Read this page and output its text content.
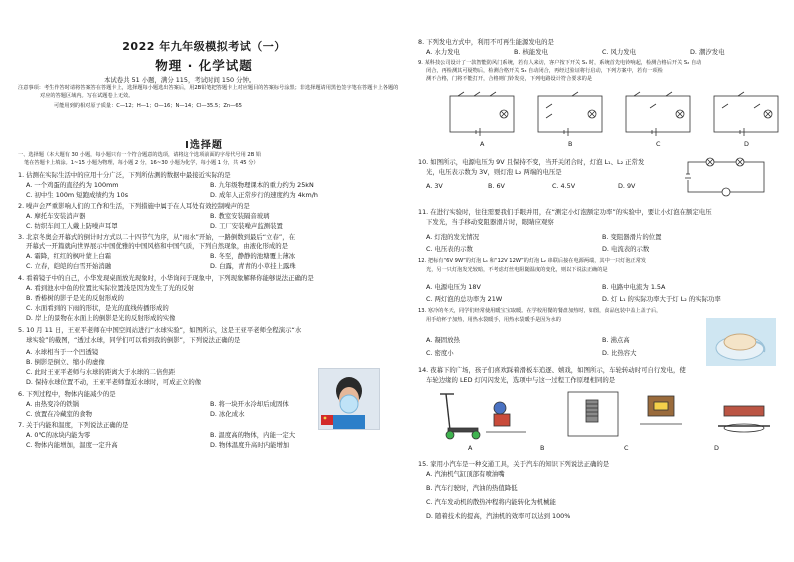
2022 年九年级模拟考试（一）
物理 · 化学试题
本试卷共 51 小题，满分 115，考试时间 150 分钟。
注意事项：考生作答时请将答案答在答题卡上，选择题每小题选出答案后，用2B铅笔把答题卡上对应题目的答案标号涂黑；非选择题请用黑色签字笔在答题卡上各题的
对应的答题区域内。写在试题卷上无效。
可能用到的相对原子质量：C—12；H—1；O—16；N—14；Cl—35.5；Zn—65
Ⅰ选择题
一、选择题（本大题有 30 小题，每小题只有一个符合题意的选项，请将这个选项前面的字母代号用 2B 铅
笔在答题卡上填涂。1~15 小题为物理，每小题 2 分，16~30 小题为化学，每小题 1 分，共 45 分）
1. 估测在实际生活中的应用十分广泛，下列所估测的数据中最接近实际的是
A. 一个鸡蛋的直径约为 100mm	B. 九年级物理课本的重力约为 25kN
C. 初中生 100m 短跑成绩约为 10s	D. 成年人正常步行的速度约为 4km/h
2. 噪声会严重影响人们的工作和生活，下列措施中属于在人耳处有效控制噪声的是
A. 摩托车安装消声器	B. 教室安装隔音玻璃
C. 纺织车间工人戴上防噪声耳罩	D. 工厂安装噪声监测装置
3. 北京冬奥会开幕式的倒计时方式以二十四节气为序，从“雨水”开始，一路倒数到最后“立春”，在
开幕式一开篇就向世界展示中国优雅的中国风格和中国气质，下列自然现象，由液化形成的是
A. 霜降，红红的枫叶蒙上白霜	B. 冬至，静静的池塘覆上薄冰
C. 立春，皑皑的白雪开始消融	D. 白露，青青的小草挂上露珠
4. 看着镜子中的自己，小华发现桌面放光现象时，小华询问于现象中，下列现象解释你能够说法正确的是
A. 看到池水中鱼的位置比实际位置浅是因为发生了光的反射
B. 香椿树的影子是光的反射形成的
C. 水面看到的下雨的形状，是光的直线传播形成的
D. 岸上的景物在水面上的倒影是光的反射形成的实像
5. 10 月 11 日，王亚平老师在中国空间站进行“水球实验”，如图所示，这是王亚平老师全程演示“水
球实验”的截图，“透过水球，同学们可以看到我的倒影”，下列说法正确的是
A. 水球相当于一个凹透镜
B. 倒影是倒立、缩小的虚像
C. 此时王亚平老师与水球的距离大于水球的二倍焦距
D. 保持水球位置不动，王亚平老师靠近水球时，可成正立的像
6. 下列过程中，物体内能减少的是
A. 由热变冷的铁锅	B. 将一块开水冷却后成固体
C. 放置在冷藏室的食物	D. 冰化成水
7. 关于内能和温度，下列说法正确的是
A. 0℃的冰块内能为零	B. 温度高的物体，内能一定大
C. 物体内能增加，温度一定升高	D. 物体温度升高时内能增加
8. 下列发电方式中，利用不可再生能源发电的是
A. 水力发电	B. 核能发电	C. 风力发电	D. 潮汐发电
9. 某科技公司设计了一款智能防风门系统，若有人来访，客户按下开关 S₁ 时，系统首先电铃响起，检测合格后开关 S₂ 自动
闭合，再检测其可疑物后，检测合格开关 S₃ 自动闭合，再经过验证将行启动，下列方案中，若有一项检
测不合格，门将不能打开，合格则门铃发亮，下列电路设计符合要求的是
A	B	C	D
10. 如图所示，电源电压为 9V 且保持不变，当开关闭合时，灯泡 L₁、L₂ 正常发
光，电压表示数为 3V，则灯泡 L₂ 两端的电压是
A. 3V	B. 6V	C. 4.5V	D. 9V
11. 在进行实验时，往往需要我们手眼并用，在“测定小灯泡额定功率”的实验中，要让小灯泡在额定电压
下发光，当手移动变阻器滑片时，眼睛应观察
A. 灯泡的发光情况	B. 变阻器滑片的位置
C. 电压表的示数	D. 电流表的示数
12. 把标有“6V 9W”的灯泡 L₁ 和“12V 12W”的灯泡 L₂ 串联后接在电源两端，其中一只灯泡正常发
光，另一只灯泡发光较暗，不考虑灯丝电阻随温度的变化，则以下说法正确的是
A. 电源电压为 18V	B. 电路中电流为 1.5A
C. 两灯泡的总功率为 21W	D. 灯 L₁ 的实际功率大于灯 L₂ 的实际功率
13. 寒冷的冬天，同学们经常使用暖宝宝取暖。在学校用餐的餐盘加热时，如图，食品包装中盖上盖子后，
用手给杯子加热，用热水袋暖手，用热水袋暖手是因为水的
A. 凝固放热	B. 沸点高
C. 密度小	D. 比热容大
14. 夜幕下的广场，孩子们喜欢踩着滑板车追逐、嬉戏，如图所示，车轮转动时可自行发电，使
车轮边缘的 LED 灯闪闪发光，选项中与这一过程工作原理相同的是
A	B	C	D
15. 家用小汽车是一种交通工具，关于汽车的知识下列说法正确的是
A. 汽油机气缸顶部有喷油嘴
B. 汽车行驶时，汽油的热值降低
C. 汽车发动机的散热冲程将内能转化为机械能
D. 随着技术的提高，汽油机的效率可以达到 100%
